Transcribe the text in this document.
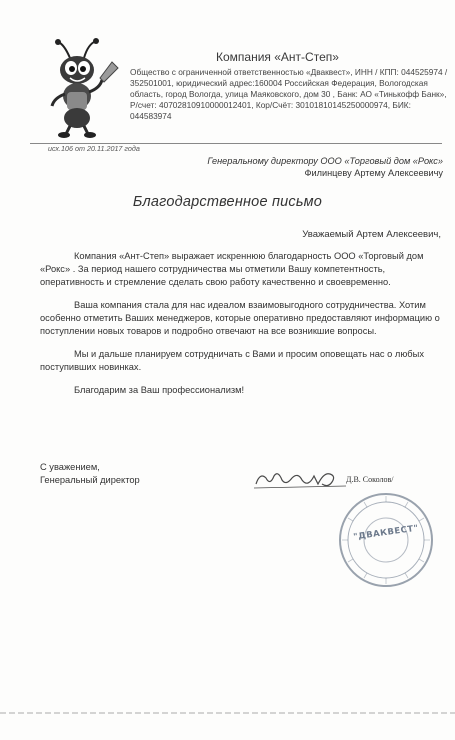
Компания «Ант-Степ»
Общество с ограниченной ответственностью «Дваквест», ИНН / КПП: 044525974 / 352501001, юридический адрес:160004 Российская Федерация, Вологодская область, город Вологда, улица Маяковского, дом 30 , Банк: АО «Тинькофф Банк», Р/счет: 40702810910000012401, Кор/Счёт: 30101810145250000974, БИК: 044583974
исх.106 от 20.11.2017 года
Генеральному директору ООО «Торговый дом «Рокс»
Филинцеву Артему Алексеевичу
Благодарственное письмо
Уважаемый Артем Алексеевич,

Компания «Ант-Степ» выражает искреннюю благодарность ООО «Торговый дом «Рокс» . За период нашего сотрудничества мы отметили Вашу компетентность, оперативность и стремление сделать свою работу качественно и своевременно.

Ваша компания стала для нас идеалом взаимовыгодного сотрудничества. Хотим особенно отметить Ваших менеджеров, которые оперативно предоставляют информацию о поступлении новых товаров и подробно отвечают на все возникшие вопросы.

Мы и дальше планируем сотрудничать с Вами и просим оповещать нас о любых поступивших новинках.

Благодарим за Ваш профессионализм!

С уважением,
Генеральный директор	Д.В. Соколов/
"ДВАКВЕСТ"
